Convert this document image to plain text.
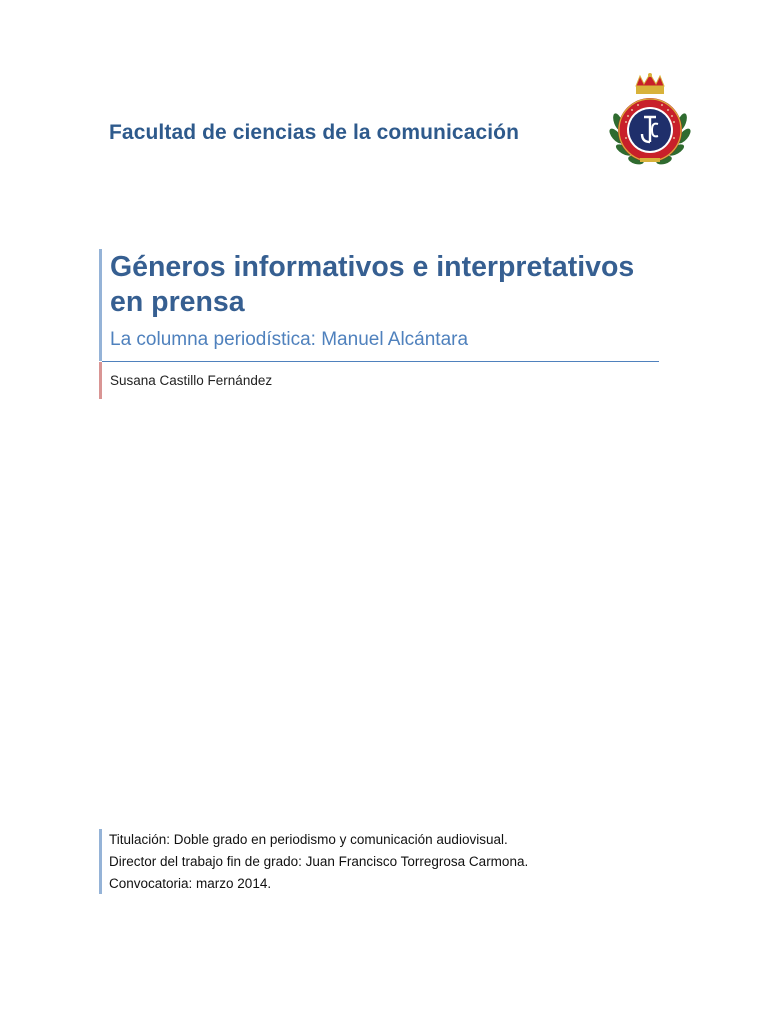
Facultad de ciencias de la comunicación
Géneros informativos e interpretativos en prensa

La columna periodística: Manuel Alcántara

Susana Castillo Fernández

Titulación: Doble grado en periodismo y comunicación audiovisual.

Director del trabajo fin de grado: Juan Francisco Torregrosa Carmona.

Convocatoria: marzo 2014.
